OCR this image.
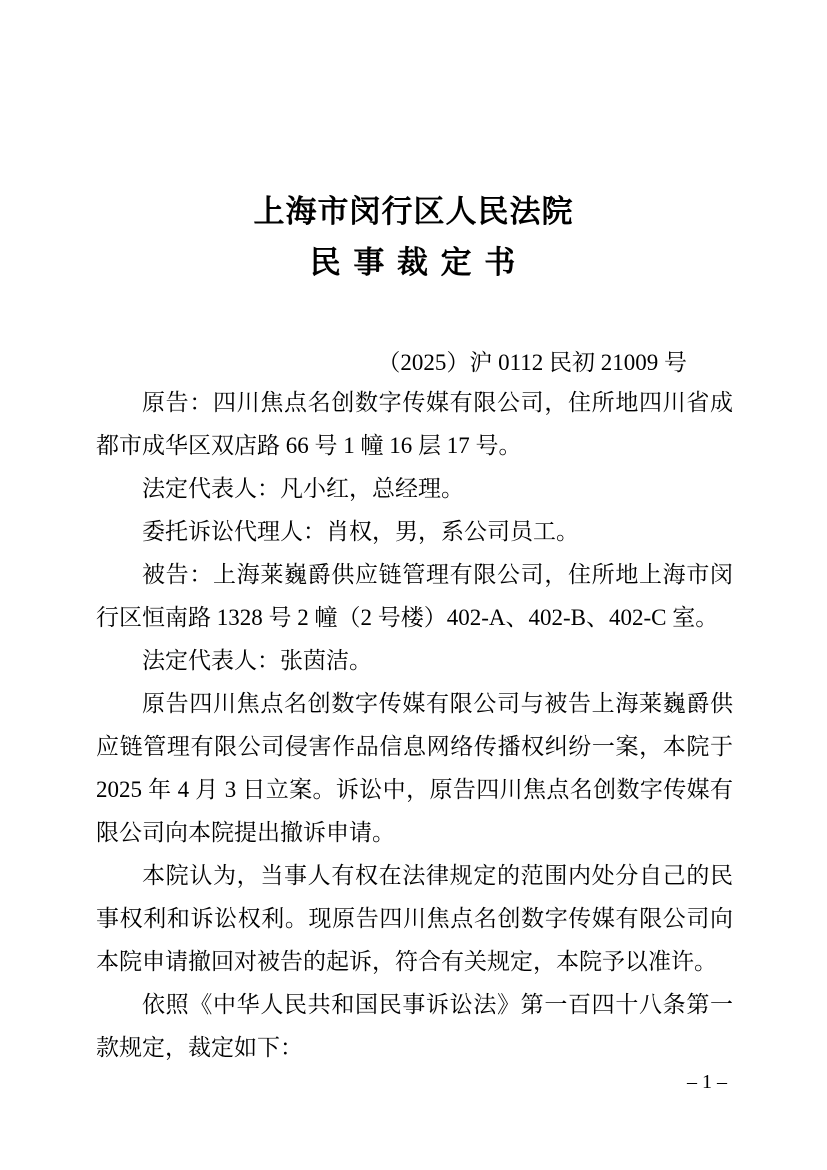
上海市闵行区人民法院
民 事 裁 定 书
（2025）沪 0112 民初 21009 号

原告：四川焦点名创数字传媒有限公司，住所地四川省成都市成华区双店路 66 号 1 幢 16 层 17 号。

法定代表人：凡小红，总经理。

委托诉讼代理人：肖权，男，系公司员工。

被告：上海莱巍爵供应链管理有限公司，住所地上海市闵行区恒南路 1328 号 2 幢（2 号楼）402-A、402-B、402-C 室。

法定代表人：张茵洁。

原告四川焦点名创数字传媒有限公司与被告上海莱巍爵供应链管理有限公司侵害作品信息网络传播权纠纷一案，本院于 2025 年 4 月 3 日立案。诉讼中，原告四川焦点名创数字传媒有限公司向本院提出撤诉申请。

本院认为，当事人有权在法律规定的范围内处分自己的民事权利和诉讼权利。现原告四川焦点名创数字传媒有限公司向本院申请撤回对被告的起诉，符合有关规定，本院予以准许。

依照《中华人民共和国民事诉讼法》第一百四十八条第一款规定，裁定如下：

– 1 –
